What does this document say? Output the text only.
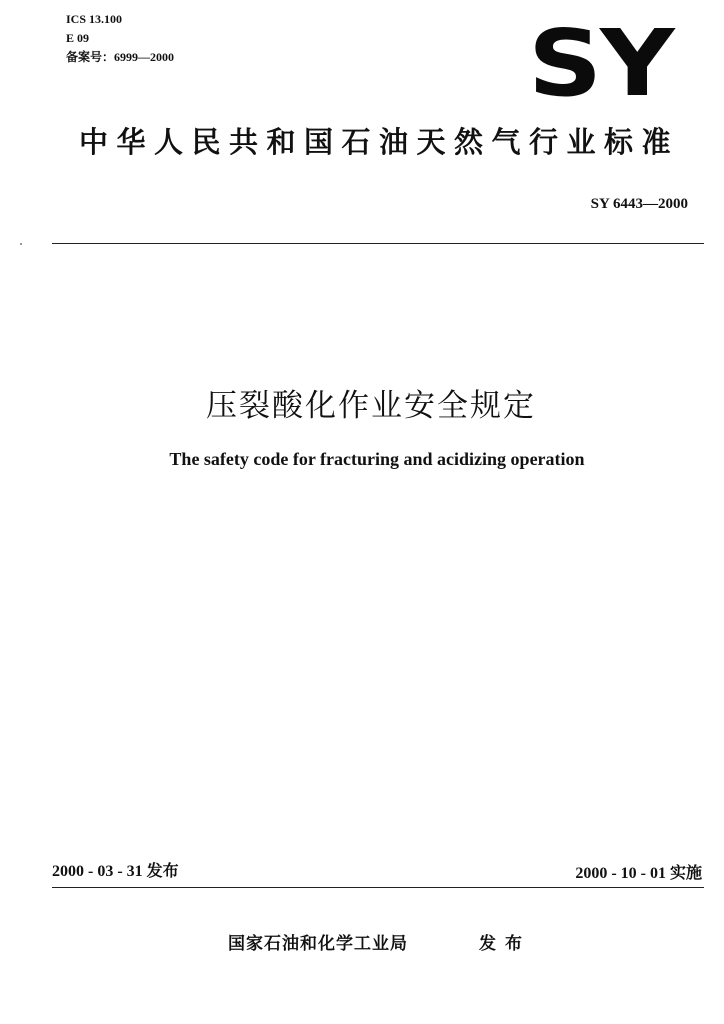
ICS 13.100
E 09
备案号：6999—2000	SY
中华人民共和国石油天然气行业标准
SY 6443—2000
压裂酸化作业安全规定
The safety code for fracturing and acidizing operation
2000 - 03 - 31 发布	2000 - 10 - 01 实施
国家石油和化学工业局	发布
